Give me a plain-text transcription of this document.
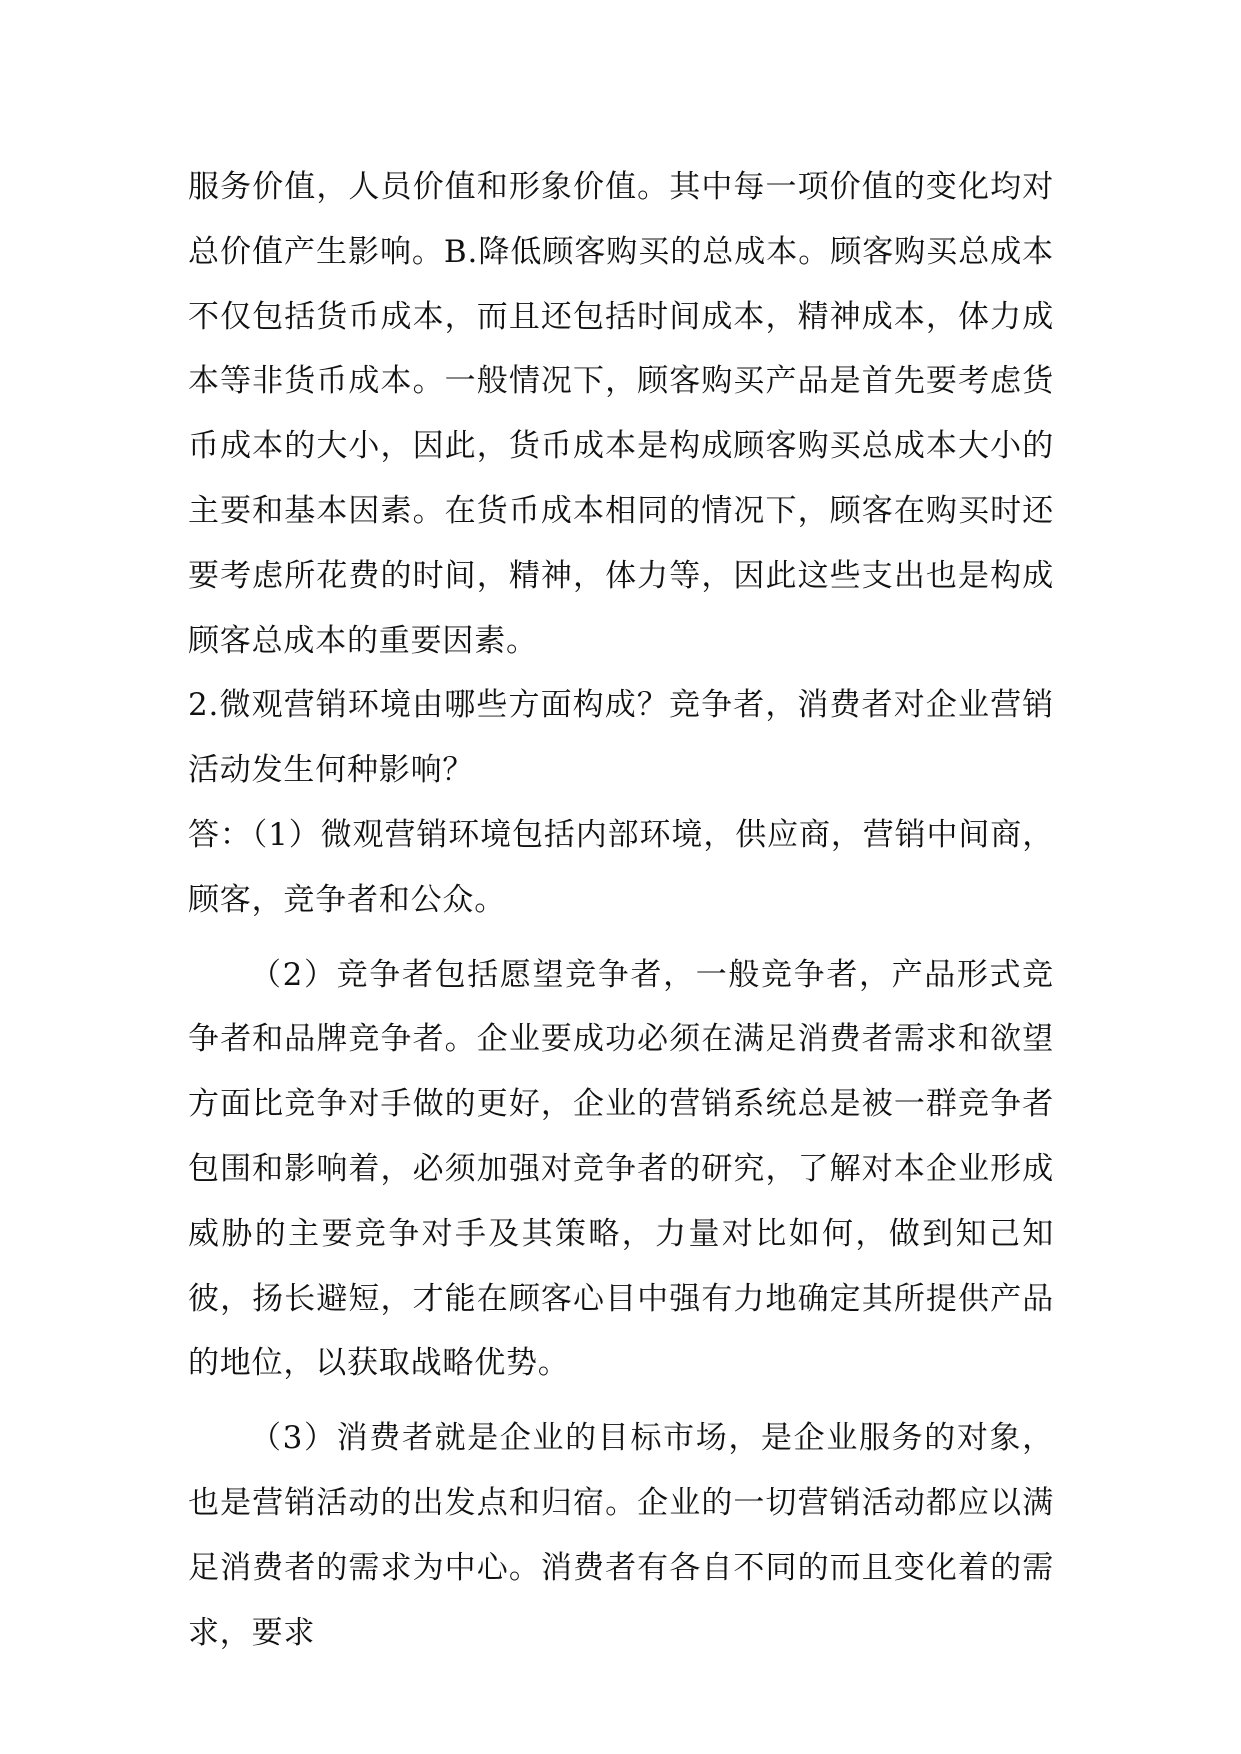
服务价值，人员价值和形象价值。其中每一项价值的变化均对总价值产生影响。B.降低顾客购买的总成本。顾客购买总成本不仅包括货币成本，而且还包括时间成本，精神成本，体力成本等非货币成本。一般情况下，顾客购买产品是首先要考虑货币成本的大小，因此，货币成本是构成顾客购买总成本大小的主要和基本因素。在货币成本相同的情况下，顾客在购买时还要考虑所花费的时间，精神，体力等，因此这些支出也是构成顾客总成本的重要因素。

2.微观营销环境由哪些方面构成？竞争者，消费者对企业营销活动发生何种影响？

答：（1）微观营销环境包括内部环境，供应商，营销中间商，顾客，竞争者和公众。

（2）竞争者包括愿望竞争者，一般竞争者，产品形式竞争者和品牌竞争者。企业要成功必须在满足消费者需求和欲望方面比竞争对手做的更好，企业的营销系统总是被一群竞争者包围和影响着，必须加强对竞争者的研究，了解对本企业形成威胁的主要竞争对手及其策略，力量对比如何，做到知己知彼，扬长避短，才能在顾客心目中强有力地确定其所提供产品的地位，以获取战略优势。

（3）消费者就是企业的目标市场，是企业服务的对象，也是营销活动的出发点和归宿。企业的一切营销活动都应以满足消费者的需求为中心。消费者有各自不同的而且变化着的需求，要求
